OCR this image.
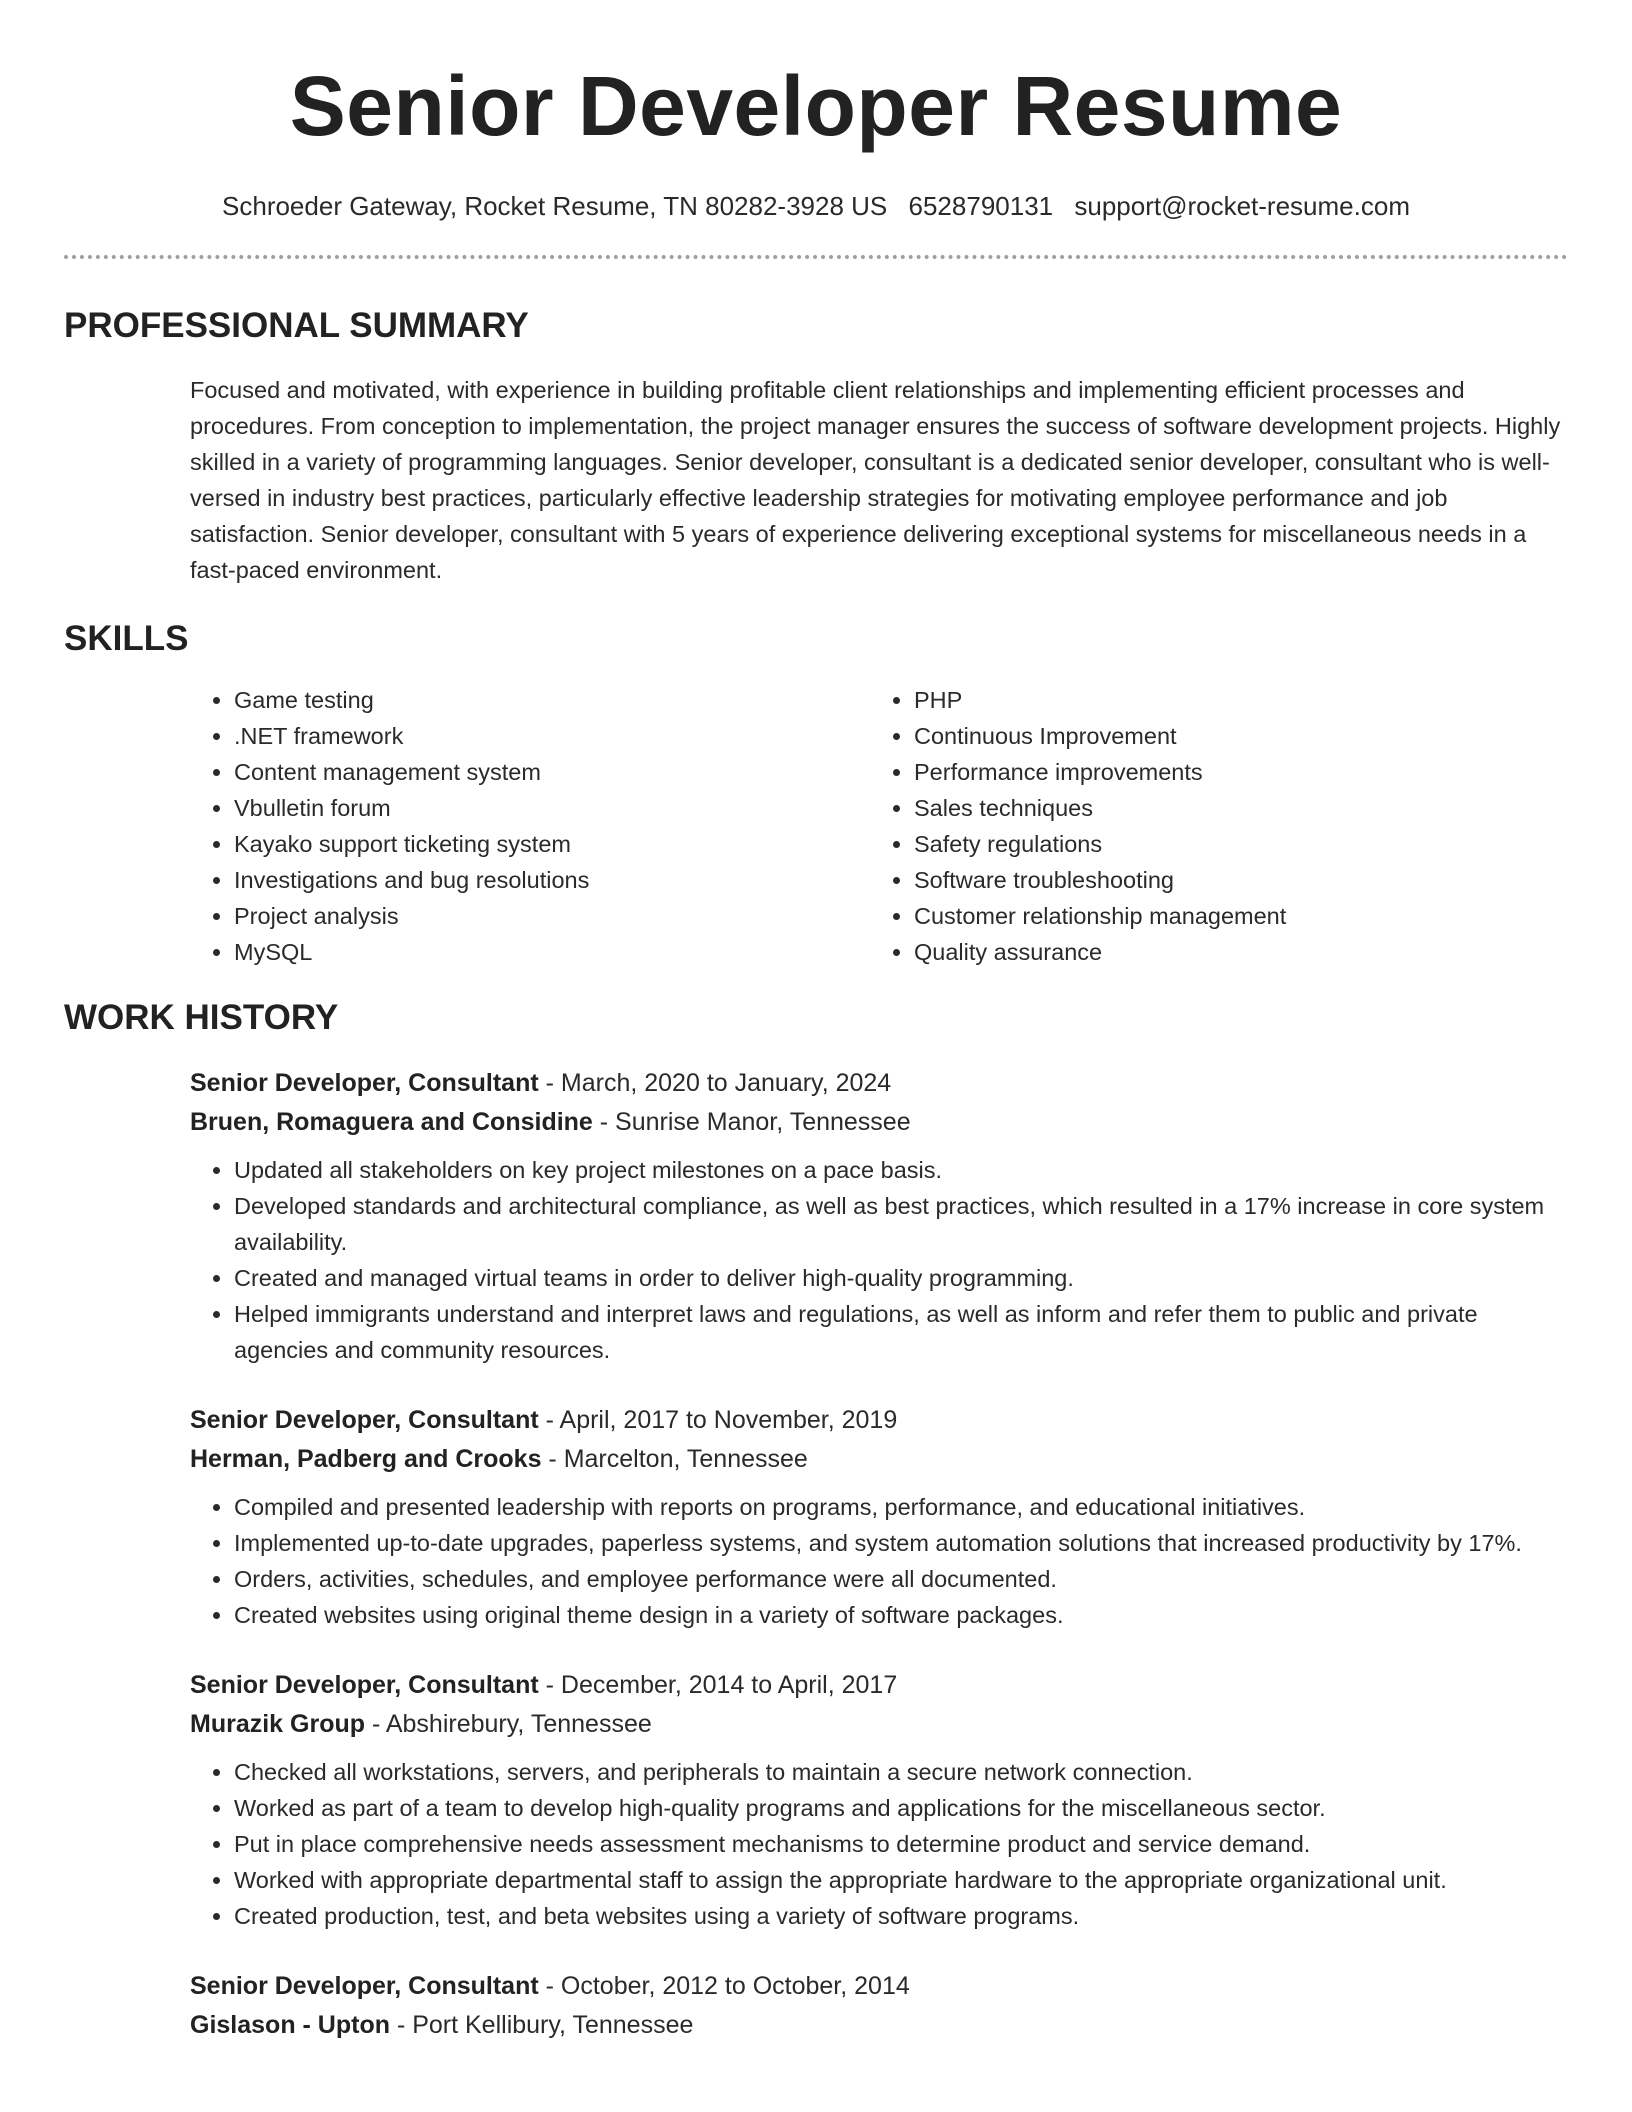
Senior Developer Resume
Schroeder Gateway, Rocket Resume, TN 80282-3928 US 6528790131 support@rocket-resume.com
PROFESSIONAL SUMMARY

Focused and motivated, with experience in building profitable client relationships and implementing efficient processes and procedures. From conception to implementation, the project manager ensures the success of software development projects. Highly skilled in a variety of programming languages. Senior developer, consultant is a dedicated senior developer, consultant who is well-versed in industry best practices, particularly effective leadership strategies for motivating employee performance and job satisfaction. Senior developer, consultant with 5 years of experience delivering exceptional systems for miscellaneous needs in a fast-paced environment.

SKILLS
• Game testing
• .NET framework
• Content management system
• Vbulletin forum
• Kayako support ticketing system
• Investigations and bug resolutions
• Project analysis
• MySQL
• PHP
• Continuous Improvement
• Performance improvements
• Sales techniques
• Safety regulations
• Software troubleshooting
• Customer relationship management
• Quality assurance
WORK HISTORY
Senior Developer, Consultant - March, 2020 to January, 2024
Bruen, Romaguera and Considine - Sunrise Manor, Tennessee
• Updated all stakeholders on key project milestones on a pace basis.
• Developed standards and architectural compliance, as well as best practices, which resulted in a 17% increase in core system availability.
• Created and managed virtual teams in order to deliver high-quality programming.
• Helped immigrants understand and interpret laws and regulations, as well as inform and refer them to public and private agencies and community resources.
Senior Developer, Consultant - April, 2017 to November, 2019
Herman, Padberg and Crooks - Marcelton, Tennessee
• Compiled and presented leadership with reports on programs, performance, and educational initiatives.
• Implemented up-to-date upgrades, paperless systems, and system automation solutions that increased productivity by 17%.
• Orders, activities, schedules, and employee performance were all documented.
• Created websites using original theme design in a variety of software packages.
Senior Developer, Consultant - December, 2014 to April, 2017
Murazik Group - Abshirebury, Tennessee
• Checked all workstations, servers, and peripherals to maintain a secure network connection.
• Worked as part of a team to develop high-quality programs and applications for the miscellaneous sector.
• Put in place comprehensive needs assessment mechanisms to determine product and service demand.
• Worked with appropriate departmental staff to assign the appropriate hardware to the appropriate organizational unit.
• Created production, test, and beta websites using a variety of software programs.
Senior Developer, Consultant - October, 2012 to October, 2014
Gislason - Upton - Port Kellibury, Tennessee
